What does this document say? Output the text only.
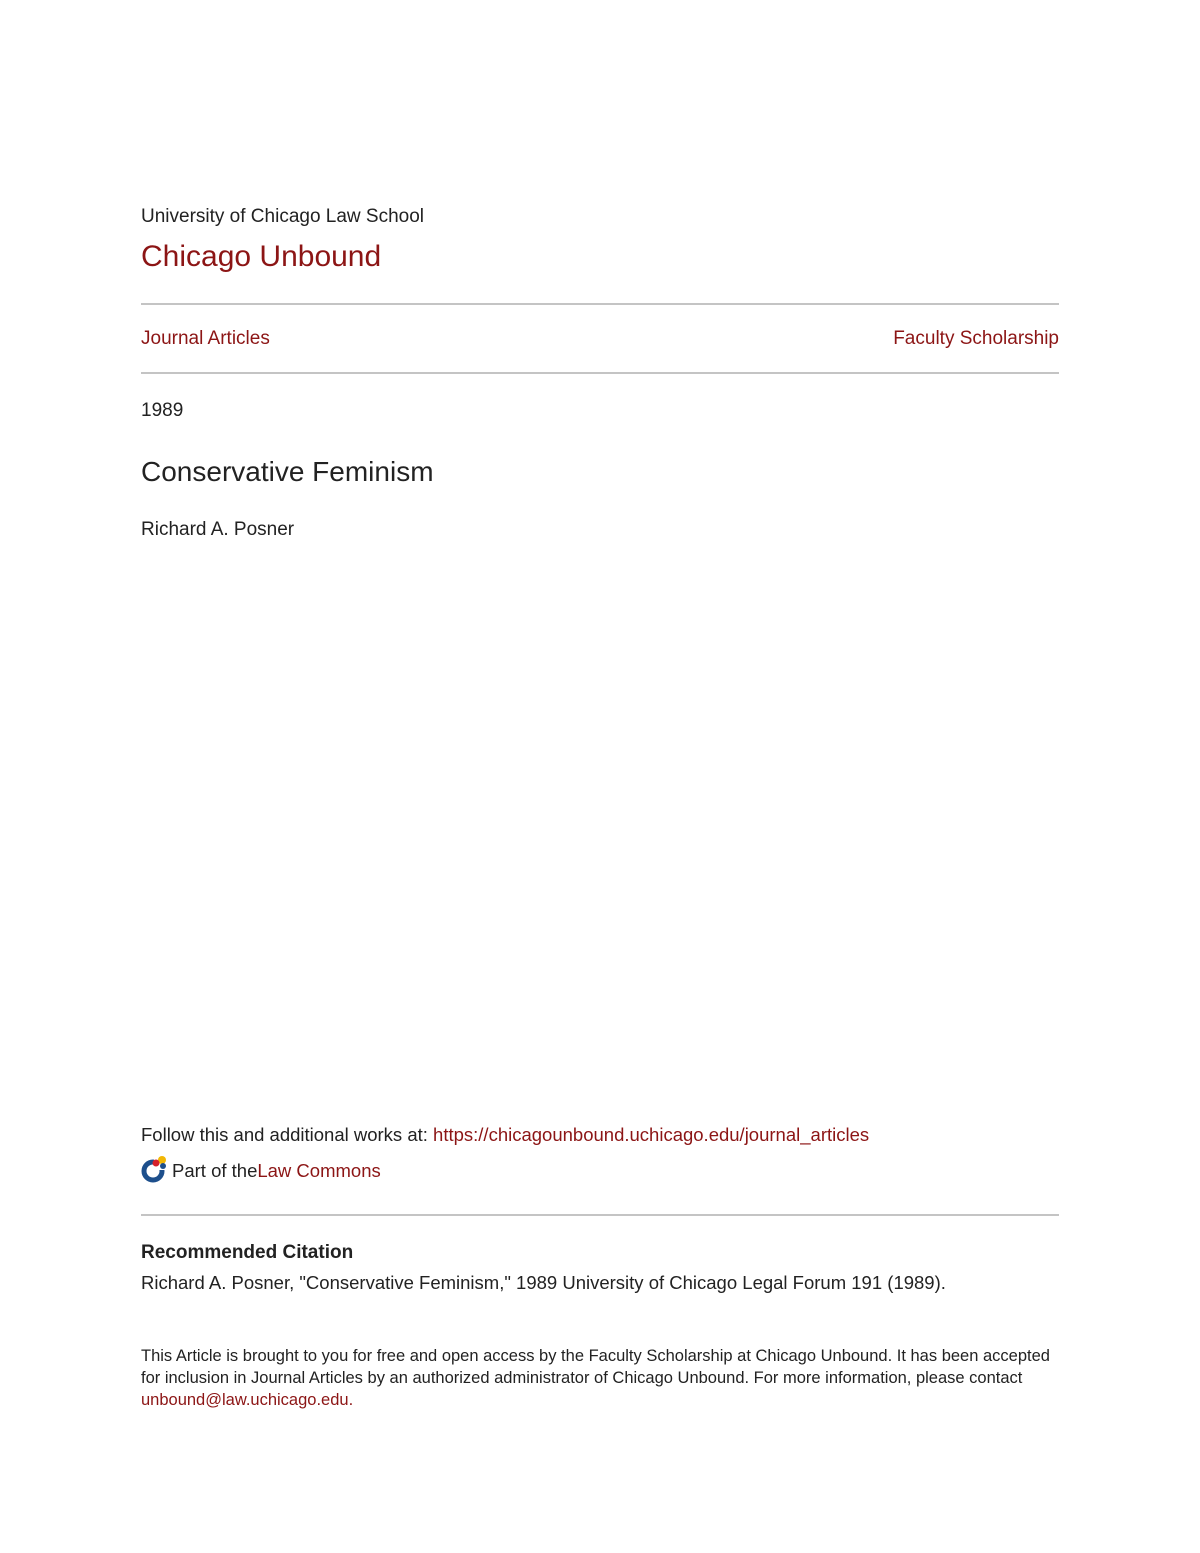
University of Chicago Law School
Chicago Unbound
Journal Articles	Faculty Scholarship
1989
Conservative Feminism
Richard A. Posner
Follow this and additional works at: https://chicagounbound.uchicago.edu/journal_articles
Part of the Law Commons
Recommended Citation
Richard A. Posner, "Conservative Feminism," 1989 University of Chicago Legal Forum 191 (1989).
This Article is brought to you for free and open access by the Faculty Scholarship at Chicago Unbound. It has been accepted for inclusion in Journal Articles by an authorized administrator of Chicago Unbound. For more information, please contact unbound@law.uchicago.edu.
